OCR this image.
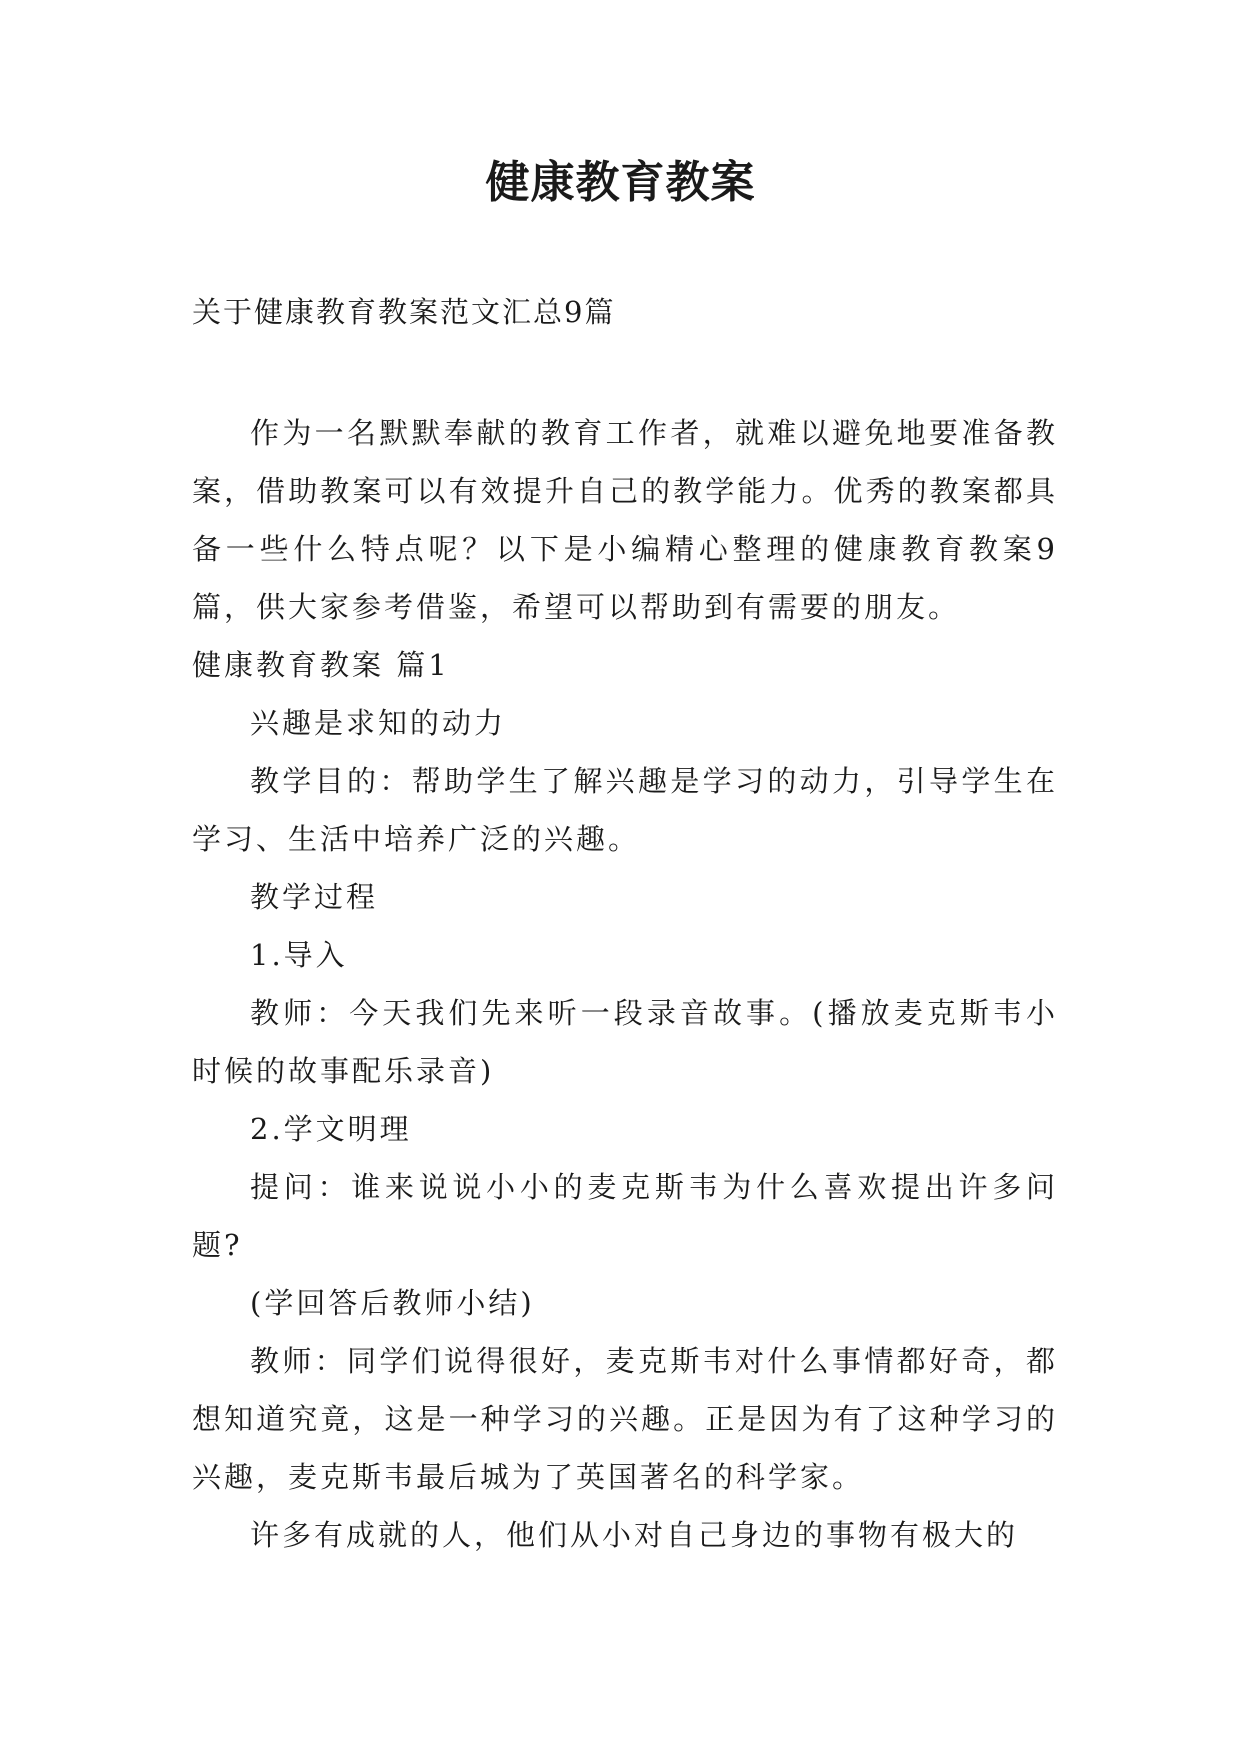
健康教育教案
关于健康教育教案范文汇总9篇

作为一名默默奉献的教育工作者，就难以避免地要准备教案，借助教案可以有效提升自己的教学能力。优秀的教案都具备一些什么特点呢？以下是小编精心整理的健康教育教案9篇，供大家参考借鉴，希望可以帮助到有需要的朋友。

健康教育教案 篇1

兴趣是求知的动力

教学目的：帮助学生了解兴趣是学习的动力，引导学生在学习、生活中培养广泛的兴趣。

教学过程

1.导入

教师：今天我们先来听一段录音故事。(播放麦克斯韦小时候的故事配乐录音)

2.学文明理

提问：谁来说说小小的麦克斯韦为什么喜欢提出许多问题?

(学回答后教师小结)

教师：同学们说得很好，麦克斯韦对什么事情都好奇，都想知道究竟，这是一种学习的兴趣。正是因为有了这种学习的兴趣，麦克斯韦最后城为了英国著名的科学家。

许多有成就的人，他们从小对自己身边的事物有极大的
